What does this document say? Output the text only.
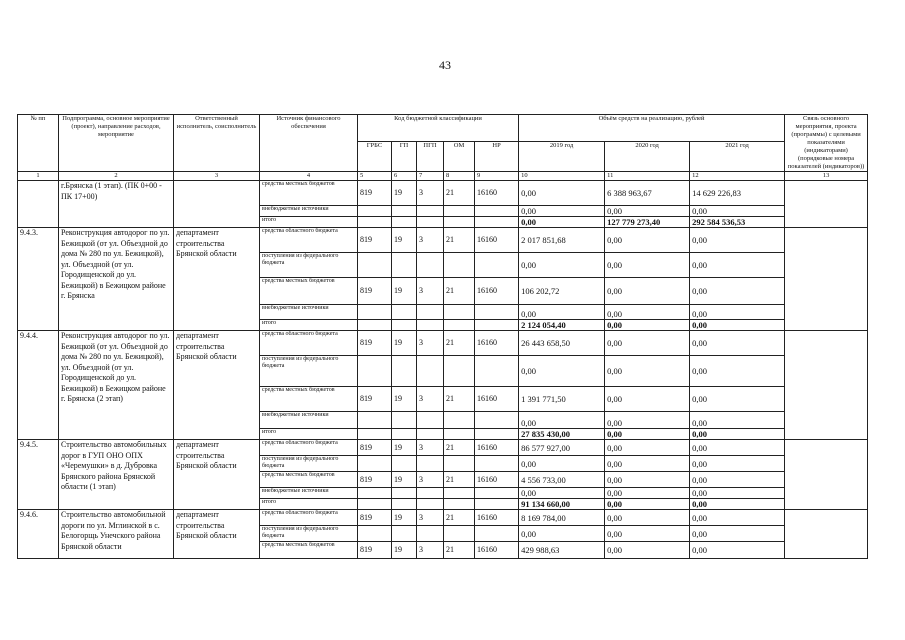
43
№ пп	Подпрограмма, основное мероприятие (проект), направление расходов, мероприятие	Ответственный исполнитель, соисполнитель	Источник финансового обеспечения	Код бюджетной классификации					Объём средств на реализацию, рублей			Связь основного мероприятия, проекта (программы) с целевыми показателями (индикаторами) (порядковые номера показателей (индикаторов))
				ГРБС	ГП	ПГП	ОМ	НР	2019 год	2020 год	2021 год	
1	2	3	4	5	6	7	8	9	10	11	12	13
	г.Брянска (1 этап). (ПК 0+00 - ПК 17+00)		средства местных бюджетов	819	19	3	21	16160	0,00	6 388 963,67	14 629 226,83	
			внебюджетные источники						0,00	0,00	0,00	
			итого						0,00	127 779 273,40	292 584 536,53	
9.4.3.	Реконструкция автодорог по ул. Бежицкой (от ул. Объездной до дома № 280 по ул. Бежицкой), ул. Объездной (от ул. Городищенской до ул. Бежицкой) в Бежицком районе г. Брянска	департамент строительства Брянской области	средства областного бюджета	819	19	3	21	16160	2 017 851,68	0,00	0,00	
			поступления из федерального бюджета						0,00	0,00	0,00	
			средства местных бюджетов	819	19	3	21	16160	106 202,72	0,00	0,00	
			внебюджетные источники						0,00	0,00	0,00	
			итого						2 124 054,40	0,00	0,00	
9.4.4.	Реконструкция автодорог по ул. Бежицкой (от ул. Объездной до дома № 280 по ул. Бежицкой), ул. Объездной (от ул. Городищенской до ул. Бежицкой) в Бежицком районе г. Брянска (2 этап)	департамент строительства Брянской области	средства областного бюджета	819	19	3	21	16160	26 443 658,50	0,00	0,00	
			поступления из федерального бюджета						0,00	0,00	0,00	
			средства местных бюджетов	819	19	3	21	16160	1 391 771,50	0,00	0,00	
			внебюджетные источники						0,00	0,00	0,00	
			итого						27 835 430,00	0,00	0,00	
9.4.5.	Строительство автомобильных дорог в ГУП ОНО ОПХ «Черемушки» в д. Дубровка Брянского района Брянской области (1 этап)	департамент строительства Брянской области	средства областного бюджета	819	19	3	21	16160	86 577 927,00	0,00	0,00	
			поступления из федерального бюджета						0,00	0,00	0,00	
			средства местных бюджетов	819	19	3	21	16160	4 556 733,00	0,00	0,00	
			внебюджетные источники						0,00	0,00	0,00	
			итого						91 134 660,00	0,00	0,00	
9.4.6.	Строительство автомобильной дороги по ул. Мглинской в с. Белогорщь Унечского района Брянской области	департамент строительства Брянской области	средства областного бюджета	819	19	3	21	16160	8 169 784,00	0,00	0,00	
			поступления из федерального бюджета						0,00	0,00	0,00	
			средства местных бюджетов	819	19	3	21	16160	429 988,63	0,00	0,00	
